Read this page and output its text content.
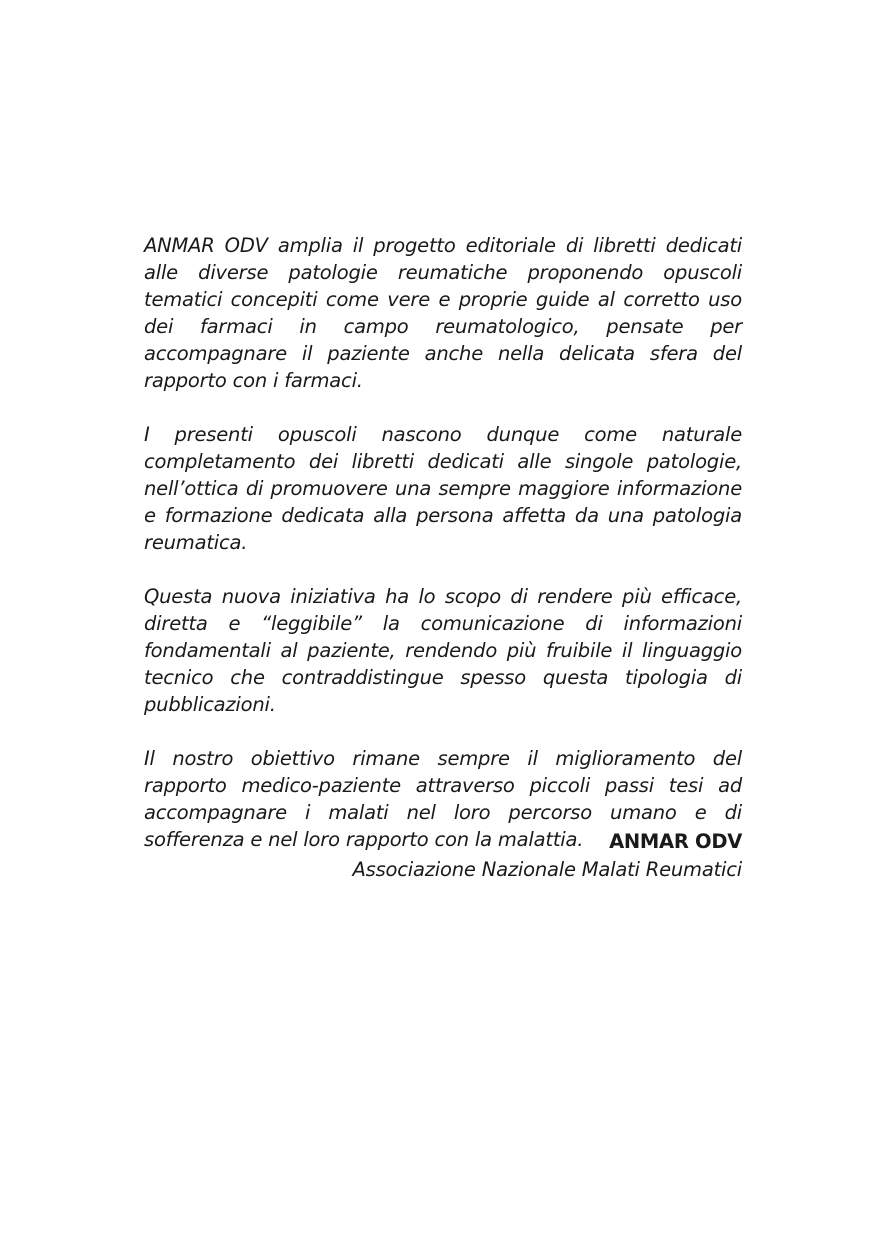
ANMAR ODV amplia il progetto editoriale di libretti dedicati alle diverse patologie reumatiche proponendo opuscoli tematici concepiti come vere e proprie guide al corretto uso dei farmaci in campo reumatologico, pensate per accompagnare il paziente anche nella delicata sfera del rapporto con i farmaci.

I presenti opuscoli nascono dunque come naturale completamento dei libretti dedicati alle singole patologie, nell’ottica di promuovere una sempre maggiore informazione e formazione dedicata alla persona affetta da una patologia reumatica.

Questa nuova iniziativa ha lo scopo di rendere più efficace, diretta e “leggibile” la comunicazione di informazioni fondamentali al paziente, rendendo più fruibile il linguaggio tecnico che contraddistingue spesso questa tipologia di pubblicazioni.

Il nostro obiettivo rimane sempre il miglioramento del rapporto medico-paziente attraverso piccoli passi tesi ad accompagnare i malati nel loro percorso umano e di sofferenza e nel loro rapporto con la malattia.	ANMAR ODV
Associazione Nazionale Malati Reumatici
